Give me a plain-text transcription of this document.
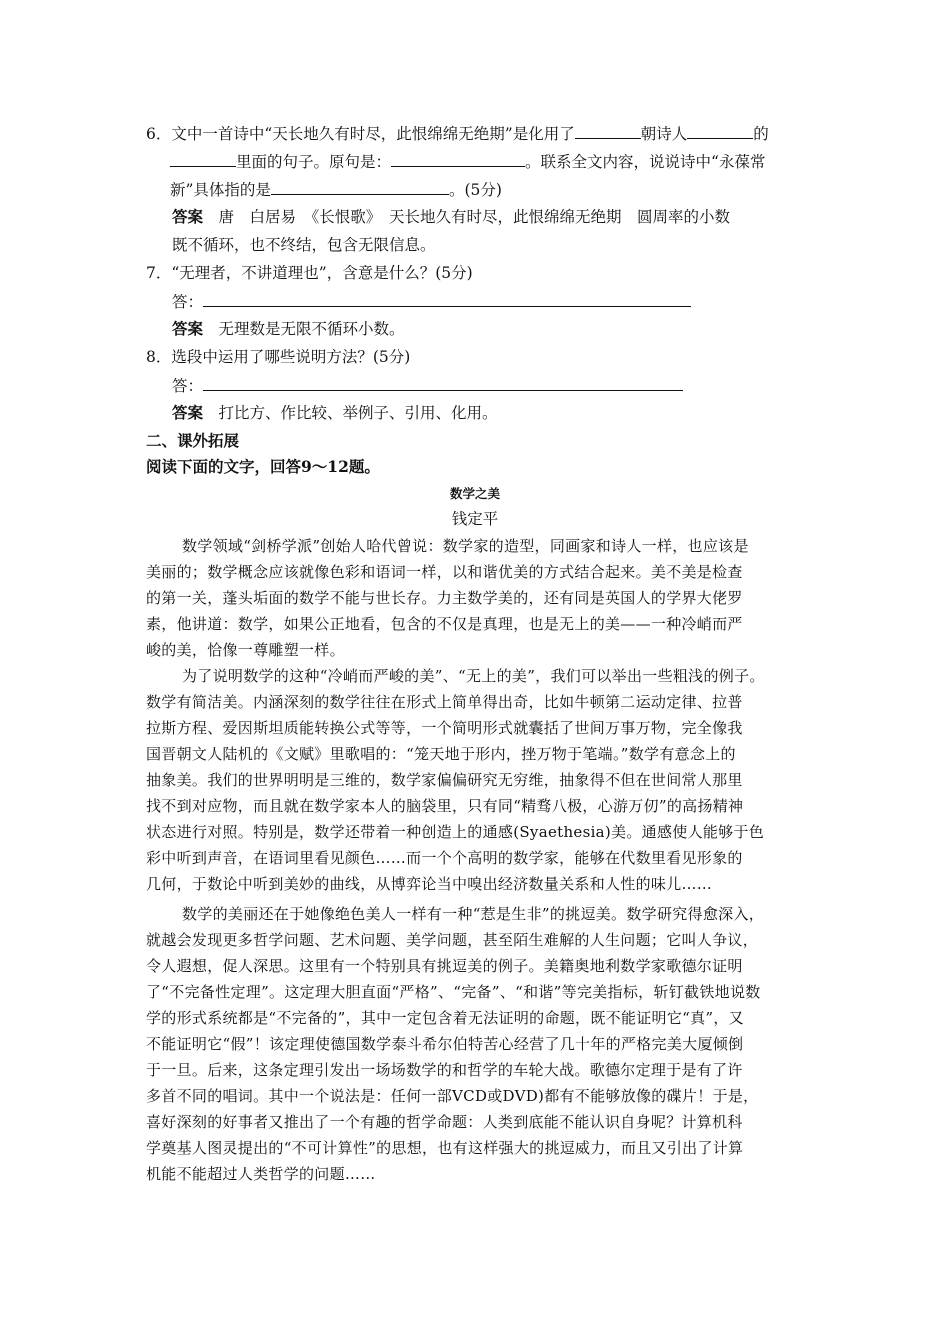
6．文中一首诗中“天长地久有时尽，此恨绵绵无绝期”是化用了	朝诗人	的
里面的句子。原句是：	。联系全文内容，说说诗中“永葆常
新”具体指的是	。(5分)
答案　 唐　白居易　《长恨歌》　天长地久有时尽，此恨绵绵无绝期　圆周率的小数
既不循环，也不终结，包含无限信息。
7．“无理者，不讲道理也”，含意是什么？(5分)
答：
答案　 无理数是无限不循环小数。
8．选段中运用了哪些说明方法？(5分)
答：
答案　 打比方、作比较、举例子、引用、化用。
二、课外拓展
阅读下面的文字，回答9～12题。
数学之美
钱定平
数学领域“剑桥学派”创始人哈代曾说：数学家的造型，同画家和诗人一样，也应该是
美丽的；数学概念应该就像色彩和语词一样，以和谐优美的方式结合起来。美不美是检查
的第一关，蓬头垢面的数学不能与世长存。力主数学美的，还有同是英国人的学界大佬罗
素，他讲道：数学，如果公正地看，包含的不仅是真理，也是无上的美——一种冷峭而严
峻的美，恰像一尊雕塑一样。
为了说明数学的这种“冷峭而严峻的美”、“无上的美”，我们可以举出一些粗浅的例子。
数学有简洁美。内涵深刻的数学往往在形式上简单得出奇，比如牛顿第二运动定律、拉普
拉斯方程、爱因斯坦质能转换公式等等，一个简明形式就囊括了世间万事万物，完全像我
国晋朝文人陆机的《文赋》里歌唱的：“笼天地于形内，挫万物于笔端。”数学有意念上的
抽象美。我们的世界明明是三维的，数学家偏偏研究无穷维，抽象得不但在世间常人那里
找不到对应物，而且就在数学家本人的脑袋里，只有同“精骛八极，心游万仞”的高扬精神
状态进行对照。特别是，数学还带着一种创造上的通感(Syaethesia)美。通感使人能够于色
彩中听到声音，在语词里看见颜色……而一个个高明的数学家，能够在代数里看见形象的
几何，于数论中听到美妙的曲线，从博弈论当中嗅出经济数量关系和人性的味儿……
数学的美丽还在于她像绝色美人一样有一种“惹是生非”的挑逗美。数学研究得愈深入，
就越会发现更多哲学问题、艺术问题、美学问题，甚至陌生难解的人生问题；它叫人争议，
令人遐想，促人深思。这里有一个特别具有挑逗美的例子。美籍奥地利数学家歌德尔证明
了“不完备性定理”。这定理大胆直面“严格”、“完备”、“和谐”等完美指标，斩钉截铁地说数
学的形式系统都是“不完备的”，其中一定包含着无法证明的命题，既不能证明它“真”，又
不能证明它“假”！该定理使德国数学泰斗希尔伯特苦心经营了几十年的严格完美大厦倾倒
于一旦。后来，这条定理引发出一场场数学的和哲学的车轮大战。歌德尔定理于是有了许
多首不同的唱词。其中一个说法是：任何一部VCD或DVD)都有不能够放像的碟片！于是，
喜好深刻的好事者又推出了一个有趣的哲学命题：人类到底能不能认识自身呢？计算机科
学奠基人图灵提出的“不可计算性”的思想，也有这样强大的挑逗威力，而且又引出了计算
机能不能超过人类哲学的问题……
